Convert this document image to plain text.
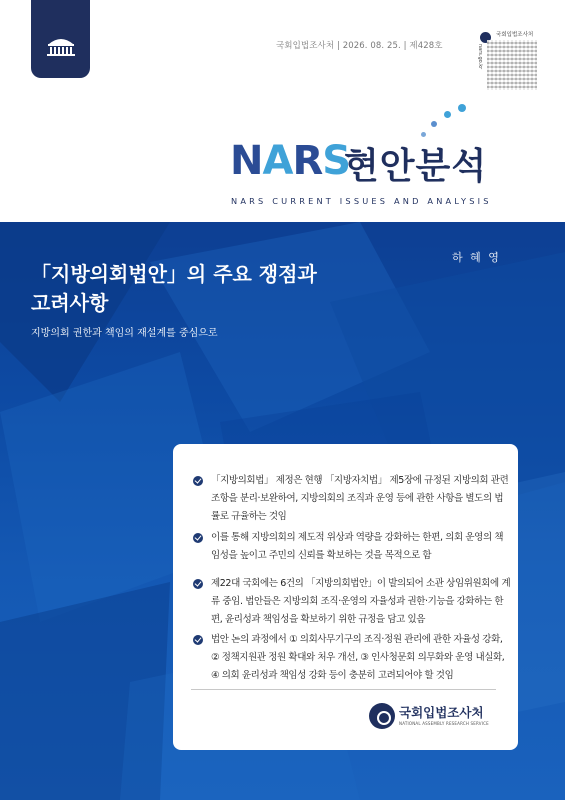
국회입법조사처 | 2026. 08. 25. | 제428호
국회입법조사처
nars.go.kr
NARS
현안분석
NARS CURRENT ISSUES AND ANALYSIS
「지방의회법안」의 주요 쟁점과
고려사항
하 혜 영
지방의회 권한과 책임의 재설계를 중심으로
「지방의회법」 제정은 현행 「지방자치법」 제5장에 규정된 지방의회 관련 조항을 분리·보완하여, 지방의회의 조직과 운영 등에 관한 사항을 별도의 법률로 규율하는 것임
이를 통해 지방의회의 제도적 위상과 역량을 강화하는 한편, 의회 운영의 책임성을 높이고 주민의 신뢰를 확보하는 것을 목적으로 함
제22대 국회에는 6건의 「지방의회법안」이 발의되어 소관 상임위원회에 계류 중임. 법안들은 지방의회 조직·운영의 자율성과 권한·기능을 강화하는 한편, 윤리성과 책임성을 확보하기 위한 규정을 담고 있음
법안 논의 과정에서 ① 의회사무기구의 조직·정원 관리에 관한 자율성 강화, ② 정책지원관 정원 확대와 처우 개선, ③ 인사청문회 의무화와 운영 내실화, ④ 의회 윤리성과 책임성 강화 등이 충분히 고려되어야 할 것임
국회입법조사처
NATIONAL ASSEMBLY RESEARCH SERVICE
